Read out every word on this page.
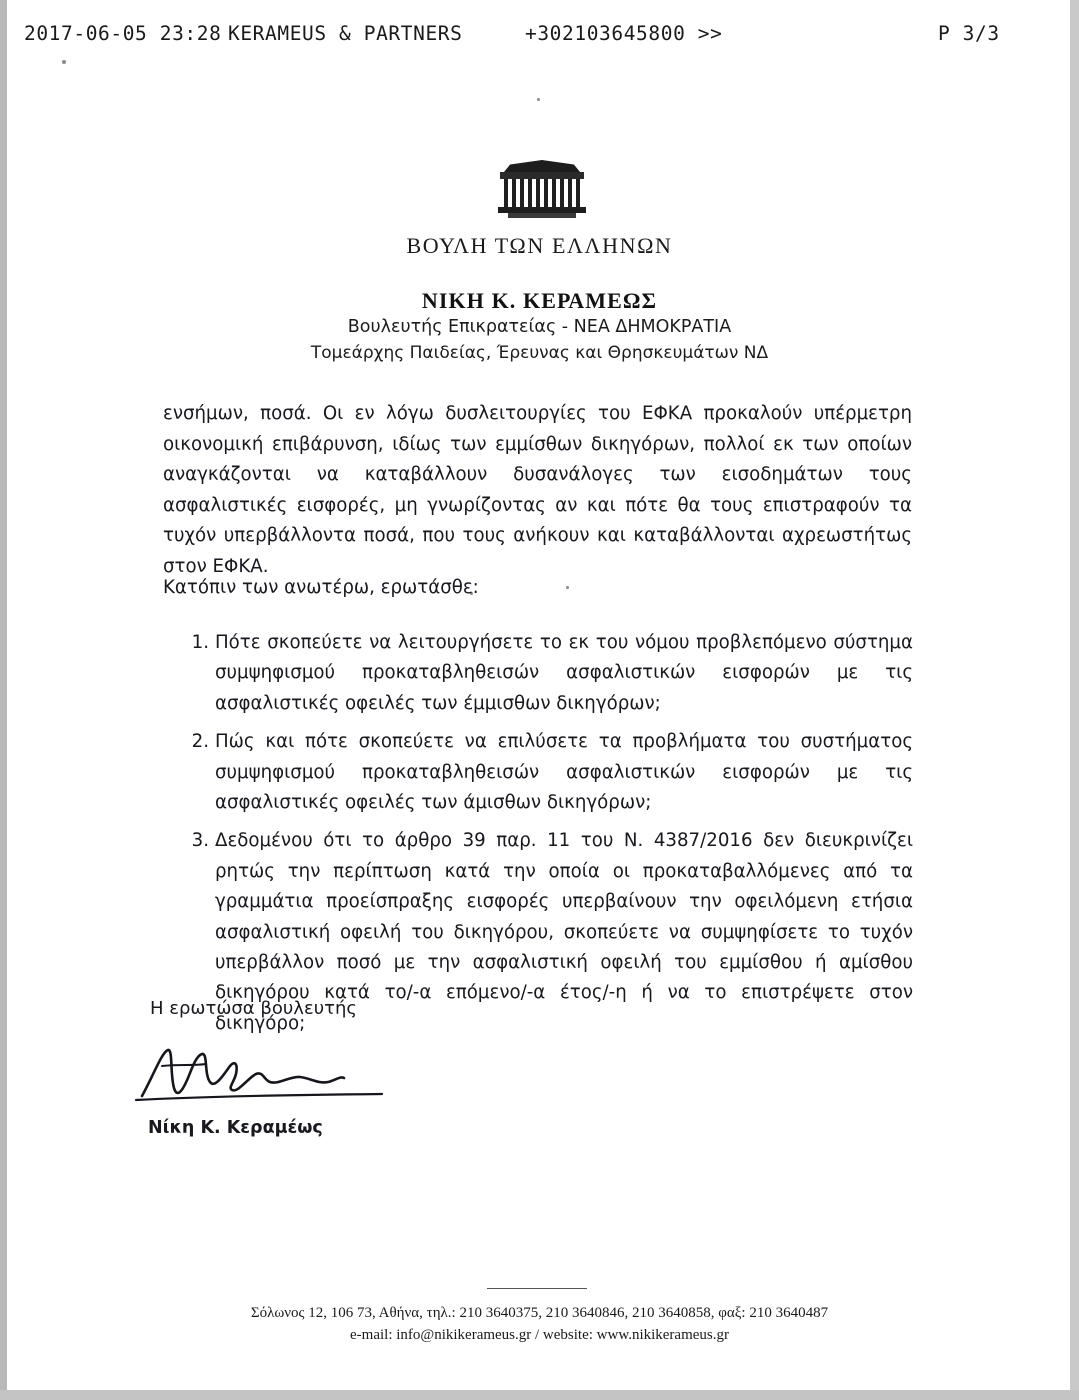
2017-06-05 23:28 KERAMEUS & PARTNERS	+302103645800 >>	P 3/3
ΒΟΥΛΗ ΤΩΝ ΕΛΛΗΝΩΝ
ΝΙΚΗ Κ. ΚΕΡΑΜΕΩΣ
Βουλευτής Επικρατείας - ΝΕΑ ΔΗΜΟΚΡΑΤΙΑ
Τομεάρχης Παιδείας, Έρευνας και Θρησκευμάτων ΝΔ
ενσήμων, ποσά. Οι εν λόγω δυσλειτουργίες του ΕΦΚΑ προκαλούν υπέρμετρη οικονομική επιβάρυνση, ιδίως των εμμίσθων δικηγόρων, πολλοί εκ των οποίων αναγκάζονται να καταβάλλουν δυσανάλογες των εισοδημάτων τους ασφαλιστικές εισφορές, μη γνωρίζοντας αν και πότε θα τους επιστραφούν τα τυχόν υπερβάλλοντα ποσά, που τους ανήκουν και καταβάλλονται αχρεωστήτως στον ΕΦΚΑ.
Κατόπιν των ανωτέρω, ερωτάσθε:
1. Πότε σκοπεύετε να λειτουργήσετε το εκ του νόμου προβλεπόμενο σύστημα συμψηφισμού προκαταβληθεισών ασφαλιστικών εισφορών με τις ασφαλιστικές οφειλές των έμμισθων δικηγόρων;
2. Πώς και πότε σκοπεύετε να επιλύσετε τα προβλήματα του συστήματος συμψηφισμού προκαταβληθεισών ασφαλιστικών εισφορών με τις ασφαλιστικές οφειλές των άμισθων δικηγόρων;
3. Δεδομένου ότι το άρθρο 39 παρ. 11 του Ν. 4387/2016 δεν διευκρινίζει ρητώς την περίπτωση κατά την οποία οι προκαταβαλλόμενες από τα γραμμάτια προείσπραξης εισφορές υπερβαίνουν την οφειλόμενη ετήσια ασφαλιστική οφειλή του δικηγόρου, σκοπεύετε να συμψηφίσετε το τυχόν υπερβάλλον ποσό με την ασφαλιστική οφειλή του εμμίσθου ή αμίσθου δικηγόρου κατά το/-α επόμενο/-α έτος/-η ή να το επιστρέψετε στον δικηγόρο;
Η ερωτώσα βουλευτής
Νίκη Κ. Κεραμέως
Σόλωνος 12, 106 73, Αθήνα, τηλ.: 210 3640375, 210 3640846, 210 3640858, φαξ: 210 3640487
e-mail: info@nikikerameus.gr / website: www.nikikerameus.gr
